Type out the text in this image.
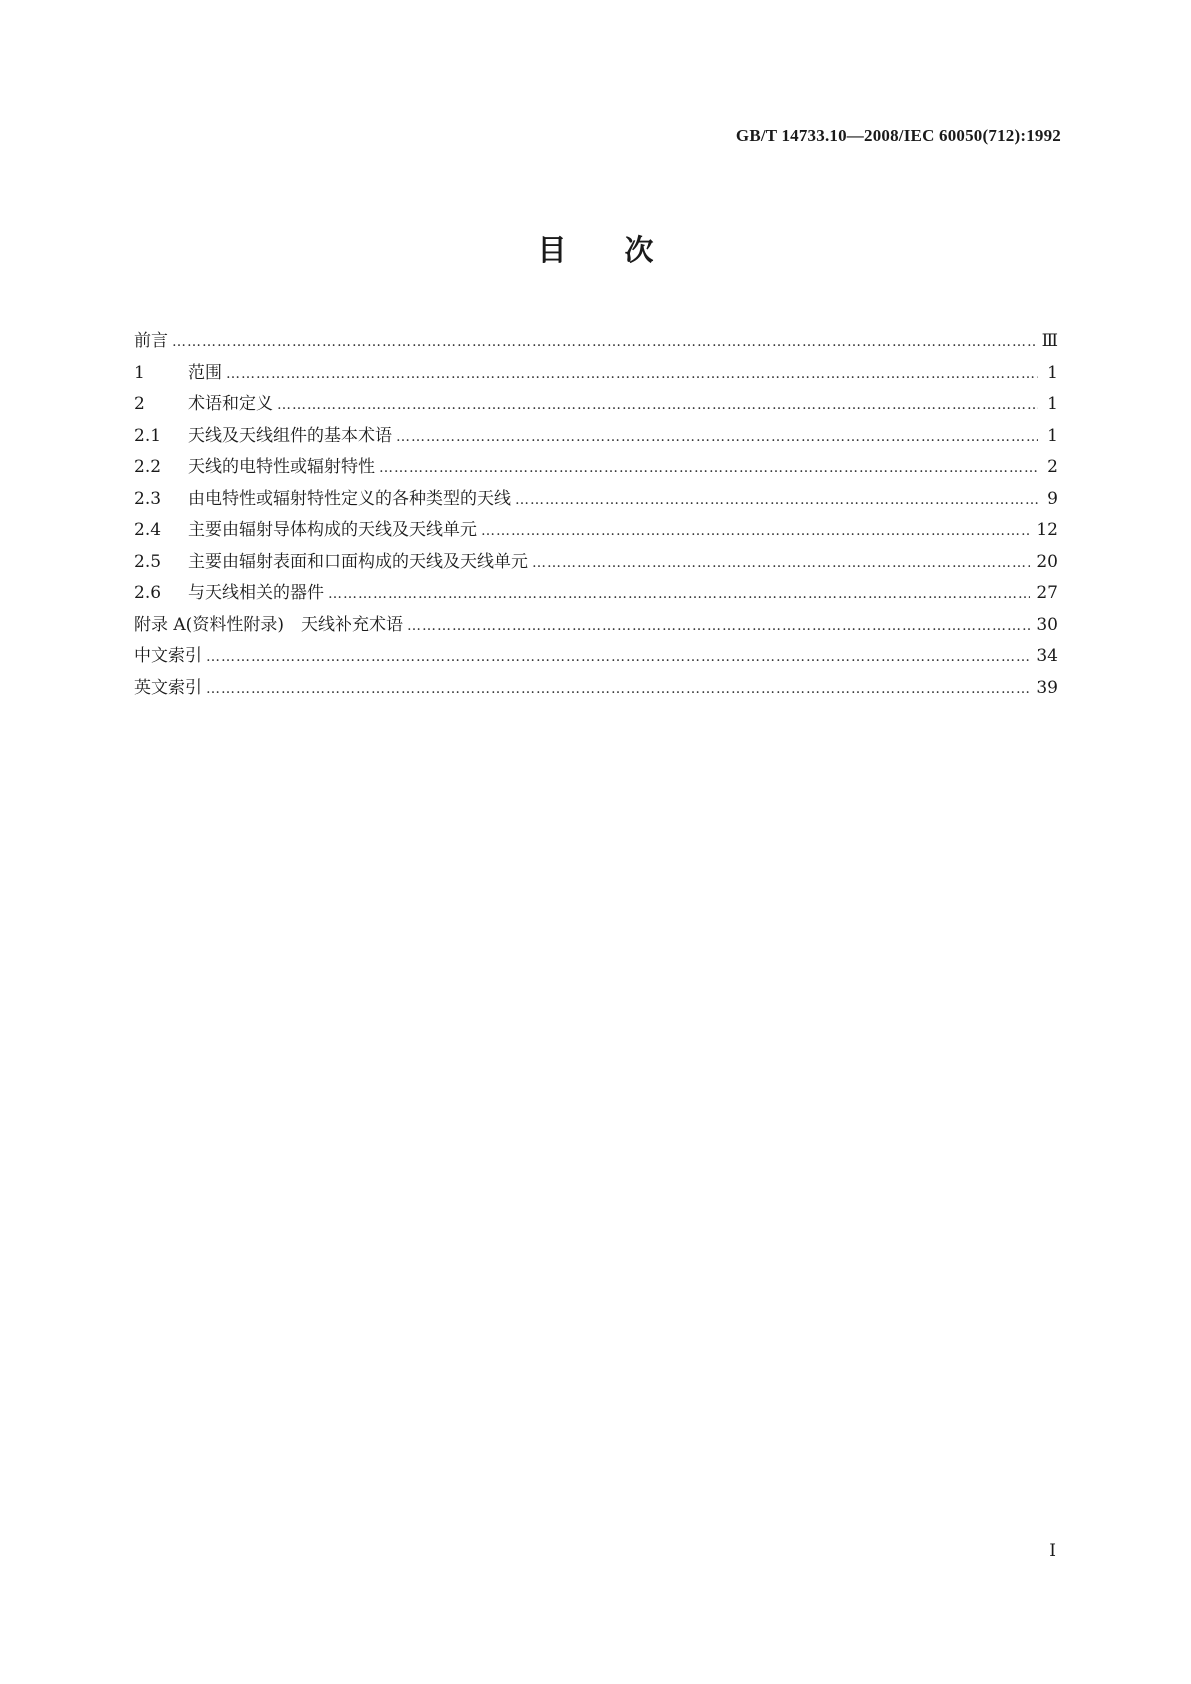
GB/T 14733.10—2008/IEC 60050(712):1992
目次
前言 ………………………………………………………………………………………………………………………………………………………………………………………………………………………………	Ⅲ
1	范围 ………………………………………………………………………………………………………………………………………………………………………………………………………………………………	1
2	术语和定义 ………………………………………………………………………………………………………………………………………………………………………………………………………………………………	1
2.1	天线及天线组件的基本术语 ………………………………………………………………………………………………………………………………………………………………………………………………………………………………	1
2.2	天线的电特性或辐射特性 ………………………………………………………………………………………………………………………………………………………………………………………………………………………………	2
2.3	由电特性或辐射特性定义的各种类型的天线 ………………………………………………………………………………………………………………………………………………………………………………………………………………………………	9
2.4	主要由辐射导体构成的天线及天线单元 ………………………………………………………………………………………………………………………………………………………………………………………………………………………………	12
2.5	主要由辐射表面和口面构成的天线及天线单元 ………………………………………………………………………………………………………………………………………………………………………………………………………………………………	20
2.6	与天线相关的器件 ………………………………………………………………………………………………………………………………………………………………………………………………………………………………	27
附录 A(资料性附录)　天线补充术语 ………………………………………………………………………………………………………………………………………………………………………………………………………………………………	30
中文索引 ………………………………………………………………………………………………………………………………………………………………………………………………………………………………	34
英文索引 ………………………………………………………………………………………………………………………………………………………………………………………………………………………………	39
Ⅰ
